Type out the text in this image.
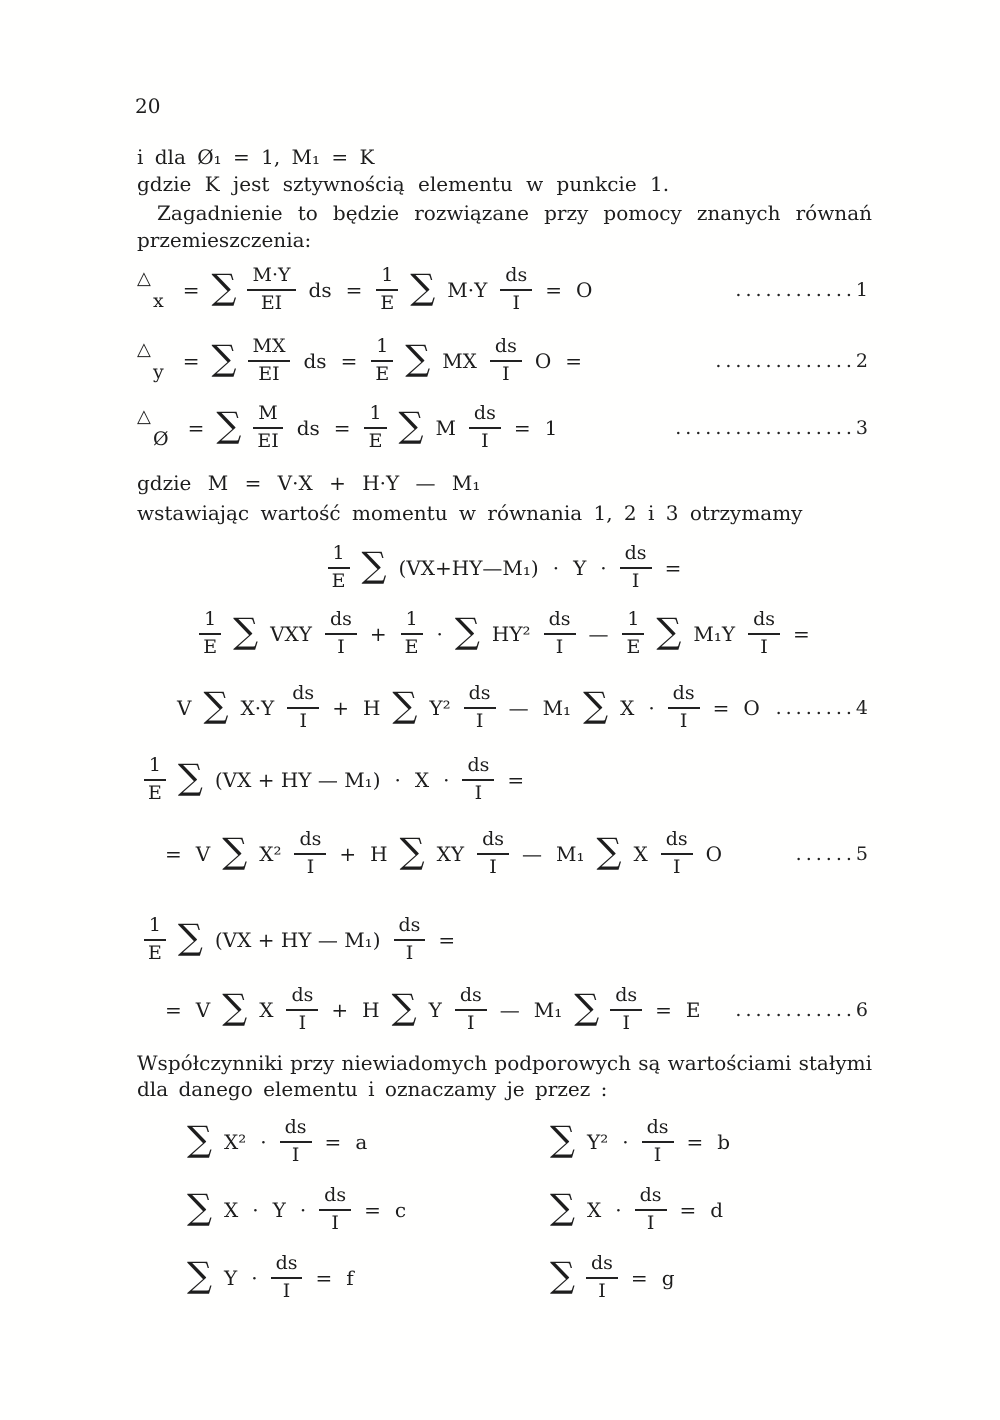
20
i dla Ø₁ = 1, M₁ = K
gdzie K jest sztywnością elementu w punkcie 1.
Zagadnienie to będzie rozwiązane przy pomocy znanych równań
przemieszczenia:
△
x = ∑ $\frac{M\cdot Y}{EI}$ ds = $\frac{1}{E}$ ∑ $M\cdot Y \frac{ds}{I} = O$	............1
△
y = ∑ $\frac{MX}{EI}$ ds = $\frac{1}{E}$ ∑ MX $\frac{ds}{I}$ O =	..............2
△
Ø = ∑ $\frac{M}{EI}$ ds = $\frac{1}{E}$ ∑ M $\frac{ds}{I} = 1$	..................3
gdzie M = V·X + H·Y — M₁
wstawiając wartość momentu w równania 1, 2 i 3 otrzymamy
$\frac{1}{E}$ ∑ (VX+HY—M₁) · $Y \cdot \frac{ds}{I}$ =
$\frac{1}{E}$ ∑ VXY $\frac{ds}{I} + \frac{1}{E}$ · ∑ $HY^2 \frac{ds}{I}$ — $\frac{1}{E}$ ∑ $M_1Y \frac{ds}{I}$ =
V ∑ $X\cdot Y \frac{ds}{I} + H$ ∑ $Y^2 \frac{ds}{I}$ — M₁ ∑ $X \cdot \frac{ds}{I} = O$ ........4
$\frac{1}{E}$ ∑ (VX + HY — $M_1) \cdot X \cdot \frac{ds}{I}$ =
= V ∑ $X^2 \frac{ds}{I} + H$ ∑ XY $\frac{ds}{I}$ — M₁ ∑ X $\frac{ds}{I}$ O	......5
$\frac{1}{E}$ ∑ (VX + HY — $M_1) \frac{ds}{I}$ =
= V ∑ X $\frac{ds}{I} + H$ ∑ Y $\frac{ds}{I}$ — M₁ ∑ $\frac{ds}{I} = E$ ............6
Współczynniki przy niewiadomych podporowych są wartościami stałymi
dla danego elementu i oznaczamy je przez :
∑ $X^2 \cdot \frac{ds}{I} = a$	∑ $Y^2 \cdot \frac{ds}{I} = b$
∑ $X \cdot Y \cdot \frac{ds}{I} = c$	∑ $X \cdot \frac{ds}{I} = d$
∑ $Y \cdot \frac{ds}{I} = f$	∑ $\frac{ds}{I} = g$
